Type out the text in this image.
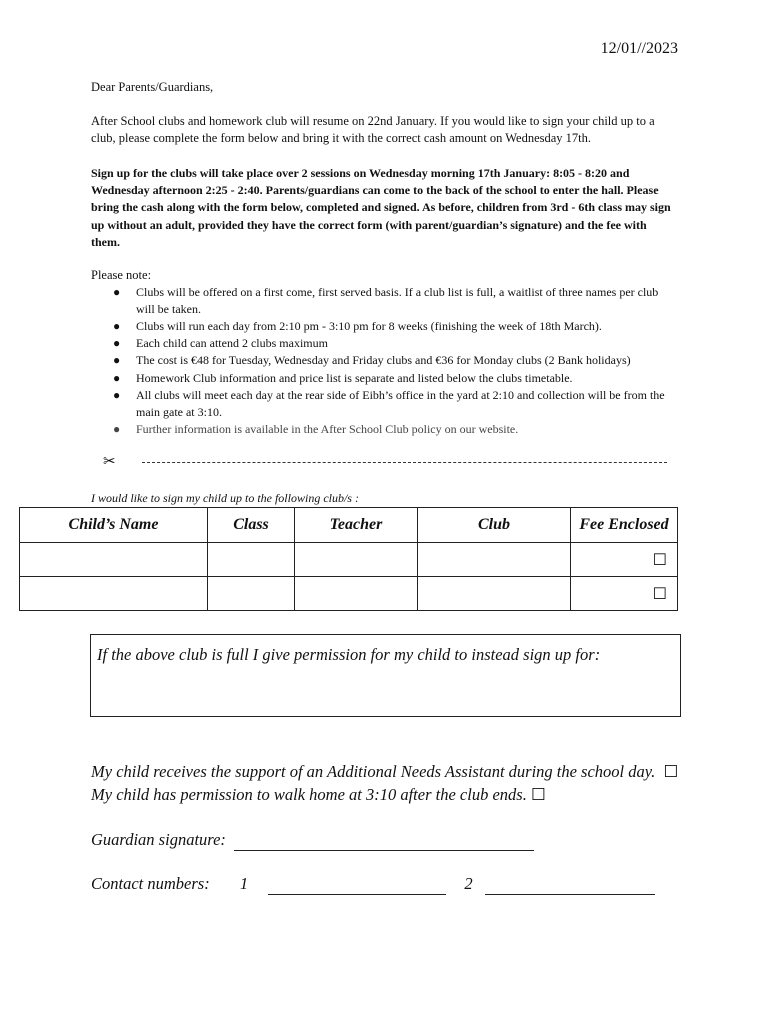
12/01//2023
Dear Parents/Guardians,
After School clubs and homework club will resume on 22nd January. If you would like to sign your child up to a club, please complete the form below and bring it with the correct cash amount on Wednesday 17th.
Sign up for the clubs will take place over 2 sessions on Wednesday morning 17th January: 8:05 - 8:20 and Wednesday afternoon 2:25 - 2:40. Parents/guardians can come to the back of the school to enter the hall. Please bring the cash along with the form below, completed and signed. As before, children from 3rd - 6th class may sign up without an adult, provided they have the correct form (with parent/guardian’s signature) and the fee with them.
Please note:
● Clubs will be offered on a first come, first served basis. If a club list is full, a waitlist of three names per club will be taken.
● Clubs will run each day from 2:10 pm - 3:10 pm for 8 weeks (finishing the week of 18th March).
● Each child can attend 2 clubs maximum
● The cost is €48 for Tuesday, Wednesday and Friday clubs and €36 for Monday clubs (2 Bank holidays)
● Homework Club information and price list is separate and listed below the clubs timetable.
● All clubs will meet each day at the rear side of Eibh’s office in the yard at 2:10 and collection will be from the main gate at 3:10.
● Further information is available in the After School Club policy on our website.
✂
I would like to sign my child up to the following club/s :
Child’s Name	Class	Teacher	Club	Fee Enclosed
				☐
				☐
If the above club is full I give permission for my child to instead sign up for:
My child receives the support of an Additional Needs Assistant during the school day. ☐
My child has permission to walk home at 3:10 after the club ends. ☐
Guardian signature:
Contact numbers: 1	2
